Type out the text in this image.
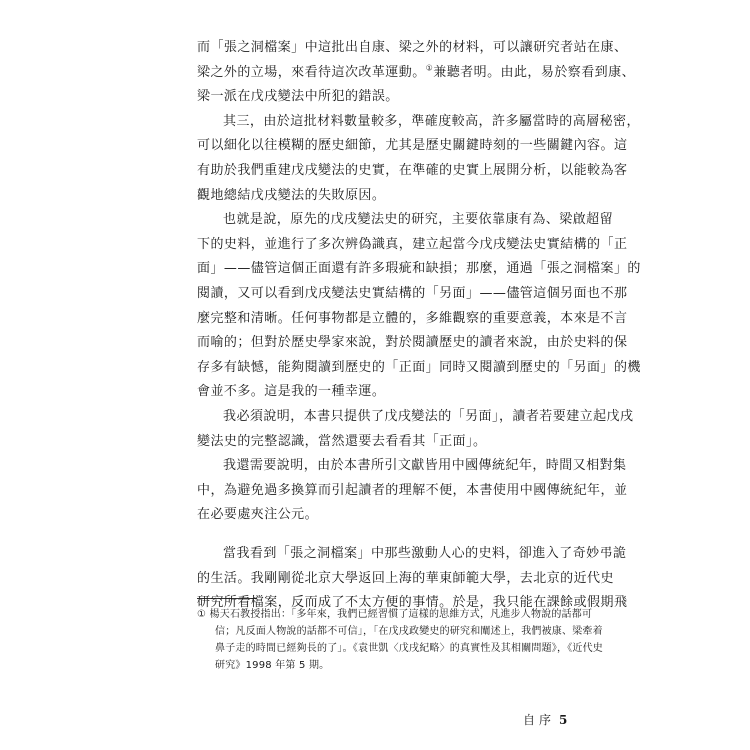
而「張之洞檔案」中這批出自康、梁之外的材料，可以讓研究者站在康、
梁之外的立場，來看待這次改革運動。①兼聽者明。由此，易於察看到康、
梁一派在戊戌變法中所犯的錯誤。
其三，由於這批材料數量較多，準確度較高，許多屬當時的高層秘密，
可以細化以往模糊的歷史細節，尤其是歷史關鍵時刻的一些關鍵內容。這
有助於我們重建戊戌變法的史實，在準確的史實上展開分析，以能較為客
觀地總結戊戌變法的失敗原因。
也就是說，原先的戊戌變法史的研究，主要依靠康有為、梁啟超留
下的史料，並進行了多次辨偽識真，建立起當今戊戌變法史實結構的「正
面」——儘管這個正面還有許多瑕疵和缺損；那麼，通過「張之洞檔案」的
閱讀，又可以看到戊戌變法史實結構的「另面」——儘管這個另面也不那
麼完整和清晰。任何事物都是立體的，多維觀察的重要意義，本來是不言
而喻的；但對於歷史學家來說，對於閱讀歷史的讀者來說，由於史料的保
存多有缺憾，能夠閱讀到歷史的「正面」同時又閱讀到歷史的「另面」的機
會並不多。這是我的一種幸運。
我必須說明，本書只提供了戊戌變法的「另面」，讀者若要建立起戊戌
變法史的完整認識，當然還要去看看其「正面」。
我還需要說明，由於本書所引文獻皆用中國傳統紀年，時間又相對集
中，為避免過多換算而引起讀者的理解不便，本書使用中國傳統紀年，並
在必要處夾注公元。
① 楊天石教授指出：「多年來，我們已經習慣了這樣的思維方式，凡進步人物說的話都可
信；凡反面人物說的話都不可信」，「在戊戌政變史的研究和闡述上，我們被康、梁牽着
鼻子走的時間已經夠長的了」。《袁世凱〈戊戌紀略〉的真實性及其相關問題》，《近代史
研究》1998 年第 5 期。
自序 5
當我看到「張之洞檔案」中那些激動人心的史料，卻進入了奇妙弔詭
的生活。我剛剛從北京大學返回上海的華東師範大學，去北京的近代史
研究所看檔案，反而成了不太方便的事情。於是，我只能在課餘或假期飛
